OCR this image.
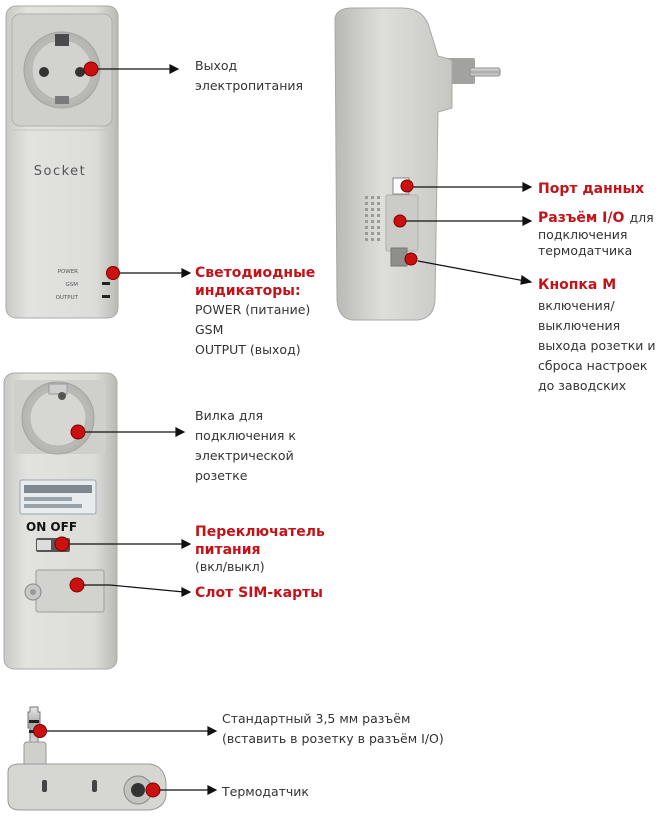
Socket
POWER
GSM
OUTPUT
ON OFF
Выход
электропитания
Светодиодные
индикаторы:
POWER (питание)
GSM
OUTPUT (выход)
Порт данных
Разъём I/O для
подключения
термодатчика
Кнопка M
включения/
выключения
выхода розетки и
сброса настроек
до заводских
Вилка для
подключения к
электрической
розетке
Переключатель
питания
(вкл/выкл)
Слот SIM-карты
Стандартный 3,5 мм разъём
(вставить в розетку в разъём I/O)
Термодатчик
